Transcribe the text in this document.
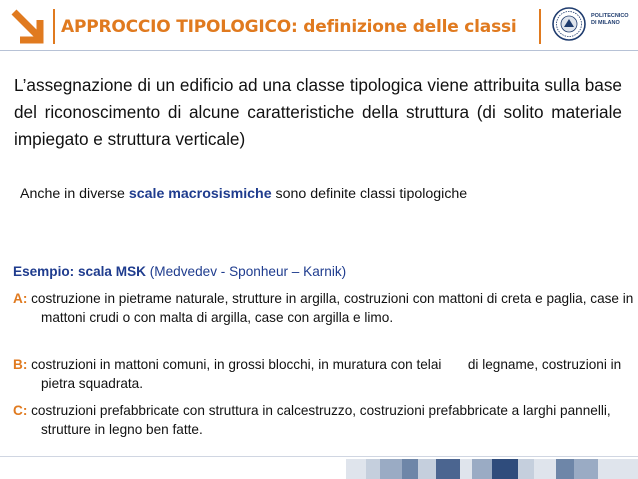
APPROCCIO TIPOLOGICO: definizione delle classi
POLITECNICO
DI MILANO

L’assegnazione di un edificio ad una classe tipologica viene attribuita sulla base del riconoscimento di alcune caratteristiche della struttura (di solito materiale impiegato e struttura verticale)

Anche in diverse scale macrosismiche sono definite classi tipologiche

Esempio: scala MSK (Medvedev - Sponheur – Karnik)

A: costruzione in pietrame naturale, strutture in argilla, costruzioni con mattoni di creta e paglia, case in mattoni crudi o con malta di argilla, case con argilla e limo.

B: costruzioni in mattoni comuni, in grossi blocchi, in muratura con telai       di legname, costruzioni in pietra squadrata.

C: costruzioni prefabbricate con struttura in calcestruzzo, costruzioni prefabbricate a larghi pannelli, strutture in legno ben fatte.
